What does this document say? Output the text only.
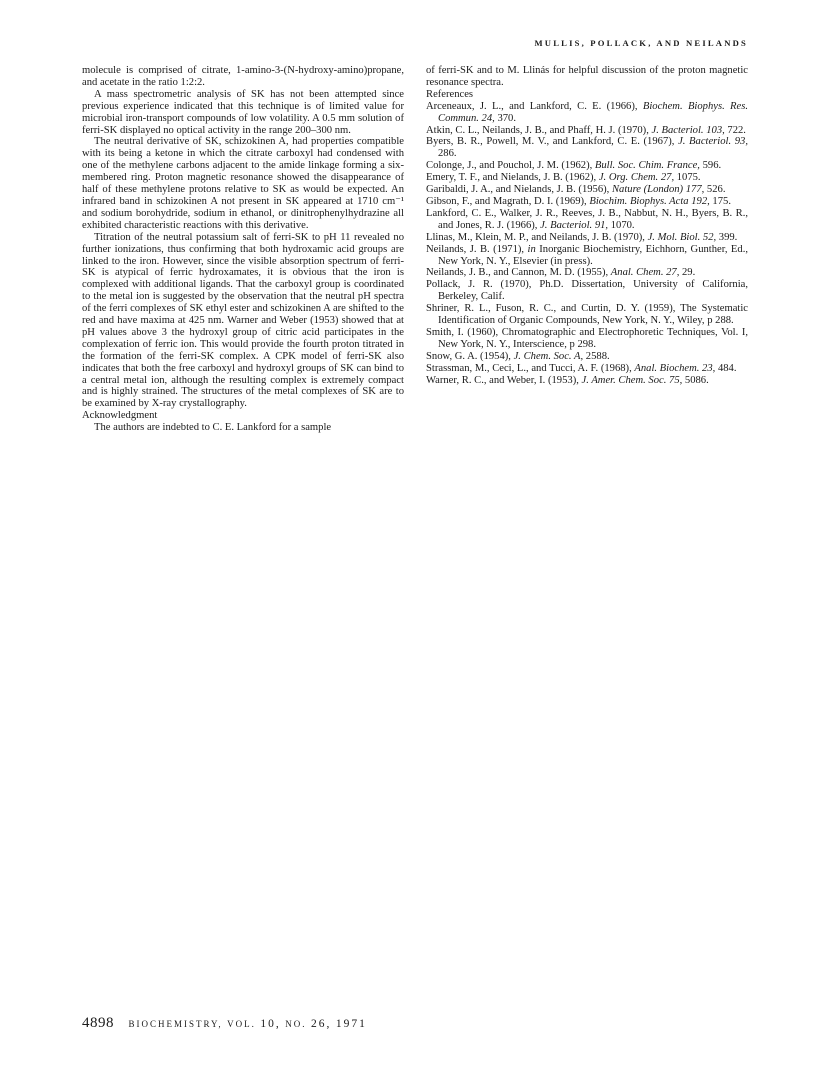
MULLIS, POLLACK, AND NEILANDS

molecule is comprised of citrate, 1-amino-3-(N-hydroxy-amino)propane, and acetate in the ratio 1:2:2.

A mass spectrometric analysis of SK has not been attempted since previous experience indicated that this technique is of limited value for microbial iron-transport compounds of low volatility. A 0.5 mm solution of ferri-SK displayed no optical activity in the range 200–300 nm.

The neutral derivative of SK, schizokinen A, had properties compatible with its being a ketone in which the citrate carboxyl had condensed with one of the methylene carbons adjacent to the amide linkage forming a six-membered ring. Proton magnetic resonance showed the disappearance of half of these methylene protons relative to SK as would be expected. An infrared band in schizokinen A not present in SK appeared at 1710 cm⁻¹ and sodium borohydride, sodium in ethanol, or dinitrophenylhydrazine all exhibited characteristic reactions with this derivative.

Titration of the neutral potassium salt of ferri-SK to pH 11 revealed no further ionizations, thus confirming that both hydroxamic acid groups are linked to the iron. However, since the visible absorption spectrum of ferri-SK is atypical of ferric hydroxamates, it is obvious that the iron is complexed with additional ligands. That the carboxyl group is coordinated to the metal ion is suggested by the observation that the neutral pH spectra of the ferri complexes of SK ethyl ester and schizokinen A are shifted to the red and have maxima at 425 nm. Warner and Weber (1953) showed that at pH values above 3 the hydroxyl group of citric acid participates in the complexation of ferric ion. This would provide the fourth proton titrated in the formation of the ferri-SK complex. A CPK model of ferri-SK also indicates that both the free carboxyl and hydroxyl groups of SK can bind to a central metal ion, although the resulting complex is extremely compact and is highly strained. The structures of the metal complexes of SK are to be examined by X-ray crystallography.

Acknowledgment

The authors are indebted to C. E. Lankford for a sample

of ferri-SK and to M. Llinás for helpful discussion of the proton magnetic resonance spectra.

References

Arceneaux, J. L., and Lankford, C. E. (1966), Biochem. Biophys. Res. Commun. 24, 370.

Atkin, C. L., Neilands, J. B., and Phaff, H. J. (1970), J. Bacteriol. 103, 722.

Byers, B. R., Powell, M. V., and Lankford, C. E. (1967), J. Bacteriol. 93, 286.

Colonge, J., and Pouchol, J. M. (1962), Bull. Soc. Chim. France, 596.

Emery, T. F., and Nielands, J. B. (1962), J. Org. Chem. 27, 1075.

Garibaldi, J. A., and Nielands, J. B. (1956), Nature (London) 177, 526.

Gibson, F., and Magrath, D. I. (1969), Biochim. Biophys. Acta 192, 175.

Lankford, C. E., Walker, J. R., Reeves, J. B., Nabbut, N. H., Byers, B. R., and Jones, R. J. (1966), J. Bacteriol. 91, 1070.

Llinas, M., Klein, M. P., and Neilands, J. B. (1970), J. Mol. Biol. 52, 399.

Neilands, J. B. (1971), in Inorganic Biochemistry, Eichhorn, Gunther, Ed., New York, N. Y., Elsevier (in press).

Neilands, J. B., and Cannon, M. D. (1955), Anal. Chem. 27, 29.

Pollack, J. R. (1970), Ph.D. Dissertation, University of California, Berkeley, Calif.

Shriner, R. L., Fuson, R. C., and Curtin, D. Y. (1959), The Systematic Identification of Organic Compounds, New York, N. Y., Wiley, p 288.

Smith, I. (1960), Chromatographic and Electrophoretic Techniques, Vol. I, New York, N. Y., Interscience, p 298.

Snow, G. A. (1954), J. Chem. Soc. A, 2588.

Strassman, M., Ceci, L., and Tucci, A. F. (1968), Anal. Biochem. 23, 484.

Warner, R. C., and Weber, I. (1953), J. Amer. Chem. Soc. 75, 5086.

4898 BIOCHEMISTRY, VOL. 10, NO. 26, 1971
